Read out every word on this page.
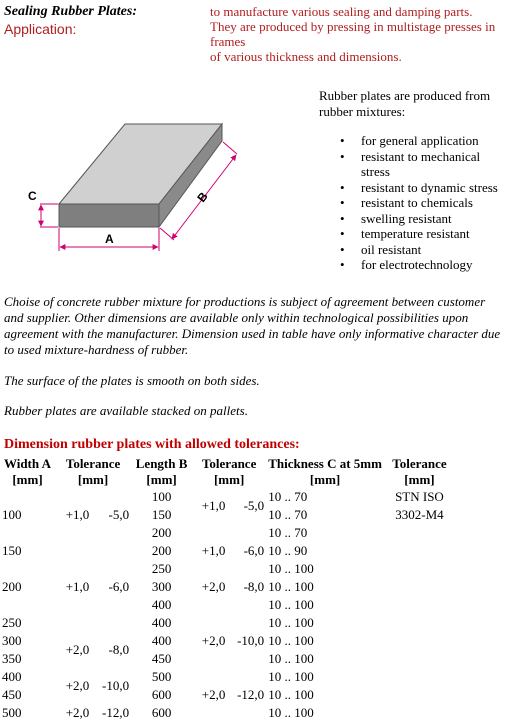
Sealing Rubber Plates:
Application:
to manufacture various sealing and damping parts.
They are produced by pressing in multistage presses in frames
of various thickness and dimensions.
A
C	B
Rubber plates are produced from rubber mixtures:
• for general application
• resistant to mechanical stress
• resistant to dynamic stress
• resistant to chemicals
• swelling resistant
• temperature resistant
• oil resistant
• for electrotechnology
Choise of concrete rubber mixture for productions is subject of agreement between customer and supplier. Other dimensions are available only within technological possibilities upon agreement with the manufacturer. Dimension used in table have only informative character due to used mixture-hardness of rubber.
The surface of the plates is smooth on both sides.
Rubber plates are available stacked on pallets.
Dimension rubber plates with allowed tolerances:
Width A	Tolerance		Length B	Tolerance		Thickness C at 5mm	Tolerance
[mm]	[mm]		[mm]	[mm]		[mm]	[mm]
100	+1,0	-5,0	100	+1,0	-5,0	10 .. 70	STN ISO
			150			10 .. 70	3302-M4
			200			10 .. 70	
150			200	+1,0	-6,0	10 .. 90	
200	+1,0	-6,0	250	+2,0	-8,0	10 .. 100	
			300			10 .. 100	
			400			10 .. 100	
250			400	+2,0	-10,0	10 .. 100	
300	+2,0	-8,0	400			10 .. 100	
350			450			10 .. 100	
400	+2,0	-10,0	500	+2,0	-12,0	10 .. 100	
450			600			10 .. 100	
500	+2,0	-12,0	600			10 .. 100	
